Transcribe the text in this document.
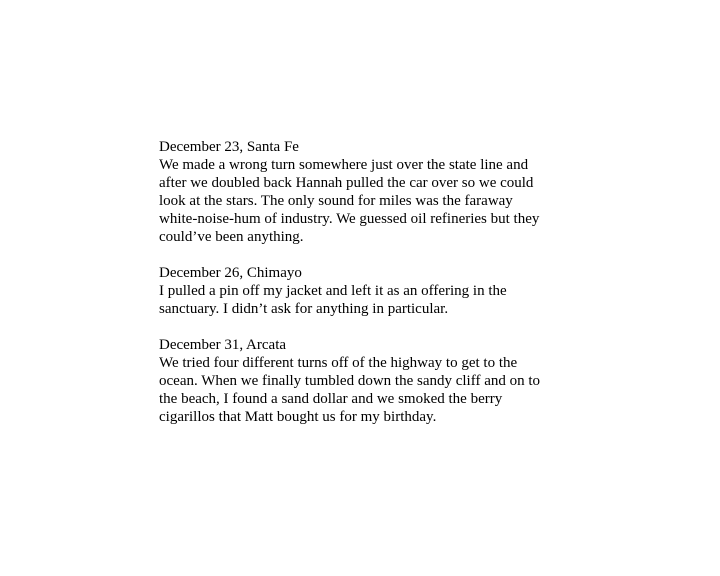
December 23, Santa Fe
We made a wrong turn somewhere just over the state line and
after we doubled back Hannah pulled the car over so we could
look at the stars. The only sound for miles was the faraway
white-noise-hum of industry. We guessed oil refineries but they
could’ve been anything.
December 26, Chimayo
I pulled a pin off my jacket and left it as an offering in the
sanctuary. I didn’t ask for anything in particular.
December 31, Arcata
We tried four different turns off of the highway to get to the
ocean. When we finally tumbled down the sandy cliff and on to
the beach, I found a sand dollar and we smoked the berry
cigarillos that Matt bought us for my birthday.
